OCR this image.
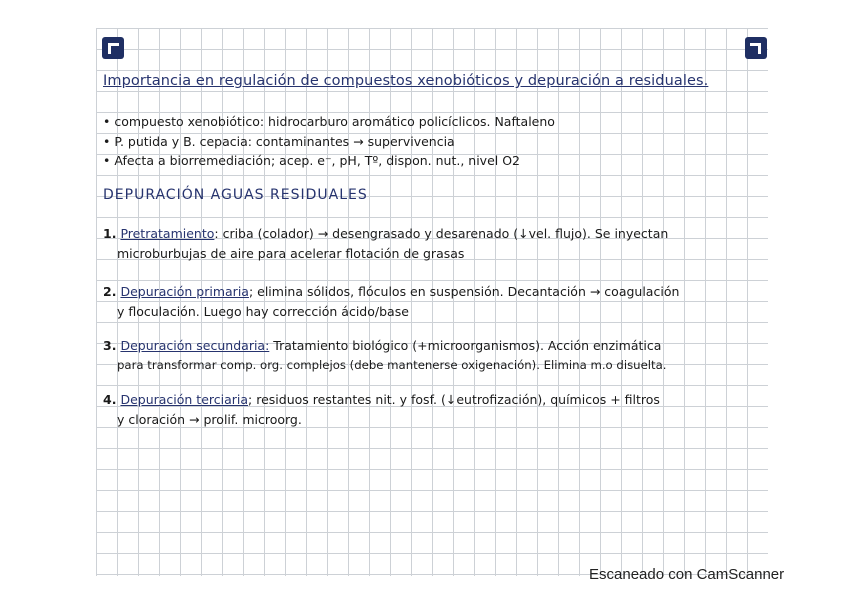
Importancia en regulación de compuestos xenobióticos y depuración a residuales.
• compuesto xenobiótico: hidrocarburo aromático policíclicos. Naftaleno
• P. putida y B. cepacia: contaminantes → supervivencia
• Afecta a biorremediación; acep. e⁻, pH, Tº, dispon. nut., nivel O2
DEPURACIÓN AGUAS RESIDUALES
1. Pretratamiento: criba (colador) → desengrasado y desarenado (↓vel. flujo). Se inyectan
microburbujas de aire para acelerar flotación de grasas
2. Depuración primaria; elimina sólidos, flóculos en suspensión. Decantación → coagulación
y floculación. Luego hay corrección ácido/base
3. Depuración secundaria: Tratamiento biológico (+microorganismos). Acción enzimática
para transformar comp. org. complejos (debe mantenerse oxigenación). Elimina m.o disuelta.
4. Depuración terciaria; residuos restantes nit. y fosf. (↓eutrofización), químicos + filtros
y cloración → prolif. microorg.
Escaneado con CamScanner
